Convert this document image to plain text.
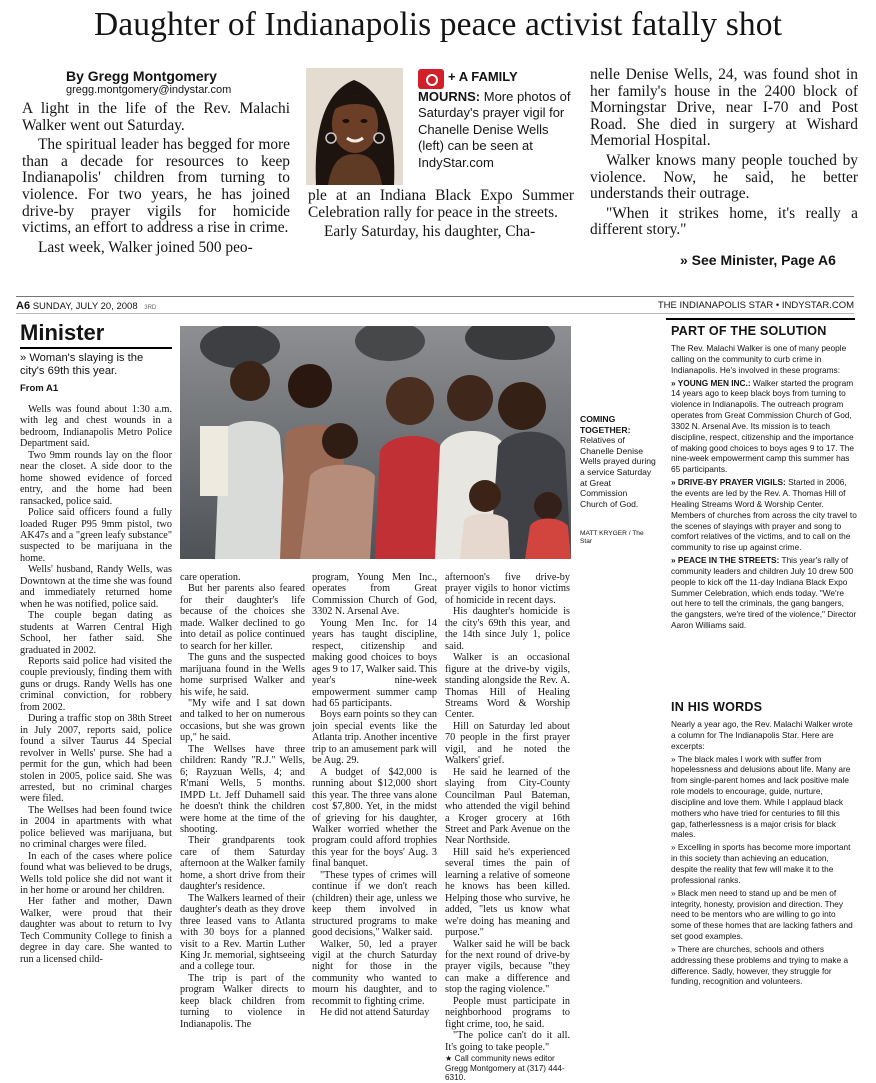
Daughter of Indianapolis peace activist fatally shot
By Gregg Montgomery
gregg.montgomery@indystar.com

A light in the life of the Rev. Malachi Walker went out Saturday.

The spiritual leader has begged for more than a decade for resources to keep Indianapolis' children from turning to violence. For two years, he has joined drive-by prayer vigils for homicide victims, an effort to address a rise in crime.

Last week, Walker joined 500 peo-

+ A FAMILY MOURNS: More photos of Saturday's prayer vigil for Chanelle Denise Wells (left) can be seen at IndyStar.com

ple at an Indiana Black Expo Summer Celebration rally for peace in the streets.

Early Saturday, his daughter, Cha-

nelle Denise Wells, 24, was found shot in her family's house in the 2400 block of Morningstar Drive, near I-70 and Post Road. She died in surgery at Wishard Memorial Hospital.

Walker knows many people touched by violence. Now, he said, he better understands their outrage.

"When it strikes home, it's really a different story."

» See Minister, Page A6
A6 SUNDAY, JULY 20, 2008 3RD	THE INDIANAPOLIS STAR • INDYSTAR.COM
Minister
» Woman's slaying is the city's 69th this year.
From A1
COMING TOGETHER:
Relatives of Chanelle Denise Wells prayed during a service Saturday at Great Commission Church of God.
MATT KRYGER / The Star

Wells was found about 1:30 a.m. with leg and chest wounds in a bedroom, Indianapolis Metro Police Department said.

Two 9mm rounds lay on the floor near the closet. A side door to the home showed evidence of forced entry, and the home had been ransacked, police said.

Police said officers found a fully loaded Ruger P95 9mm pistol, two AK47s and a "green leafy substance" suspected to be marijuana in the home.

Wells' husband, Randy Wells, was Downtown at the time she was found and immediately returned home when he was notified, police said.

The couple began dating as students at Warren Central High School, her father said. She graduated in 2002.

Reports said police had visited the couple previously, finding them with guns or drugs. Randy Wells has one criminal conviction, for robbery from 2002.

During a traffic stop on 38th Street in July 2007, reports said, police found a silver Taurus 44 Special revolver in Wells' purse. She had a permit for the gun, which had been stolen in 2005, police said. She was arrested, but no criminal charges were filed.

The Wellses had been found twice in 2004 in apartments with what police believed was marijuana, but no criminal charges were filed.

In each of the cases where police found what was believed to be drugs, Wells told police she did not want it in her home or around her children.

Her father and mother, Dawn Walker, were proud that their daughter was about to return to Ivy Tech Community College to finish a degree in day care. She wanted to run a licensed child-

care operation.

But her parents also feared for their daughter's life because of the choices she made. Walker declined to go into detail as police continued to search for her killer.

The guns and the suspected marijuana found in the Wells home surprised Walker and his wife, he said.

"My wife and I sat down and talked to her on numerous occasions, but she was grown up," he said.

The Wellses have three children: Randy "R.J." Wells, 6; Rayzuan Wells, 4; and R'mani Wells, 5 months. IMPD Lt. Jeff Duhamell said he doesn't think the children were home at the time of the shooting.

Their grandparents took care of them Saturday afternoon at the Walker family home, a short drive from their daughter's residence.

The Walkers learned of their daughter's death as they drove three leased vans to Atlanta with 30 boys for a planned visit to a Rev. Martin Luther King Jr. memorial, sightseeing and a college tour.

The trip is part of the program Walker directs to keep black children from turning to violence in Indianapolis. The

program, Young Men Inc., operates from Great Commission Church of God, 3302 N. Arsenal Ave.

Young Men Inc. for 14 years has taught discipline, respect, citizenship and making good choices to boys ages 9 to 17, Walker said. This year's nine-week empowerment summer camp had 65 participants.

Boys earn points so they can join special events like the Atlanta trip. Another incentive trip to an amusement park will be Aug. 29.

A budget of $42,000 is running about $12,000 short this year. The three vans alone cost $7,800. Yet, in the midst of grieving for his daughter, Walker worried whether the program could afford trophies this year for the boys' Aug. 3 final banquet.

"These types of crimes will continue if we don't reach (children) their age, unless we keep them involved in structured programs to make good decisions," Walker said.

Walker, 50, led a prayer vigil at the church Saturday night for those in the community who wanted to mourn his daughter, and to recommit to fighting crime.

He did not attend Saturday

afternoon's five drive-by prayer vigils to honor victims of homicide in recent days.

His daughter's homicide is the city's 69th this year, and the 14th since July 1, police said.

Walker is an occasional figure at the drive-by vigils, standing alongside the Rev. A. Thomas Hill of Healing Streams Word & Worship Center.

Hill on Saturday led about 70 people in the first prayer vigil, and he noted the Walkers' grief.

He said he learned of the slaying from City-County Councilman Paul Bateman, who attended the vigil behind a Kroger grocery at 16th Street and Park Avenue on the Near Northside.

Hill said he's experienced several times the pain of learning a relative of someone he knows has been killed. Helping those who survive, he added, "lets us know what we're doing has meaning and purpose."

Walker said he will be back for the next round of drive-by prayer vigils, because "they can make a difference and stop the raging violence."

People must participate in neighborhood programs to fight crime, too, he said.

"The police can't do it all. It's going to take people."

★ Call community news editor Gregg Montgomery at (317) 444-6310.
PART OF THE SOLUTION

The Rev. Malachi Walker is one of many people calling on the community to curb crime in Indianapolis. He's involved in these programs:

» YOUNG MEN INC.: Walker started the program 14 years ago to keep black boys from turning to violence in Indianapolis. The outreach program operates from Great Commission Church of God, 3302 N. Arsenal Ave. Its mission is to teach discipline, respect, citizenship and the importance of making good choices to boys ages 9 to 17. The nine-week empowerment camp this summer has 65 participants.

» DRIVE-BY PRAYER VIGILS: Started in 2006, the events are led by the Rev. A. Thomas Hill of Healing Streams Word & Worship Center. Members of churches from across the city travel to the scenes of slayings with prayer and song to comfort relatives of the victims, and to call on the community to rise up against crime.

» PEACE IN THE STREETS: This year's rally of community leaders and children July 10 drew 500 people to kick off the 11-day Indiana Black Expo Summer Celebration, which ends today. "We're out here to tell the criminals, the gang bangers, the gangsters, we're tired of the violence," Director Aaron Williams said.

IN HIS WORDS

Nearly a year ago, the Rev. Malachi Walker wrote a column for The Indianapolis Star. Here are excerpts:

» The black males I work with suffer from hopelessness and delusions about life. Many are from single-parent homes and lack positive male role models to encourage, guide, nurture, discipline and love them. While I applaud black mothers who have tried for centuries to fill this gap, fatherlessness is a major crisis for black males.

» Excelling in sports has become more important in this society than achieving an education, despite the reality that few will make it to the professional ranks.

» Black men need to stand up and be men of integrity, honesty, provision and direction. They need to be mentors who are willing to go into some of these homes that are lacking fathers and set good examples.

» There are churches, schools and others addressing these problems and trying to make a difference. Sadly, however, they struggle for funding, recognition and volunteers.
